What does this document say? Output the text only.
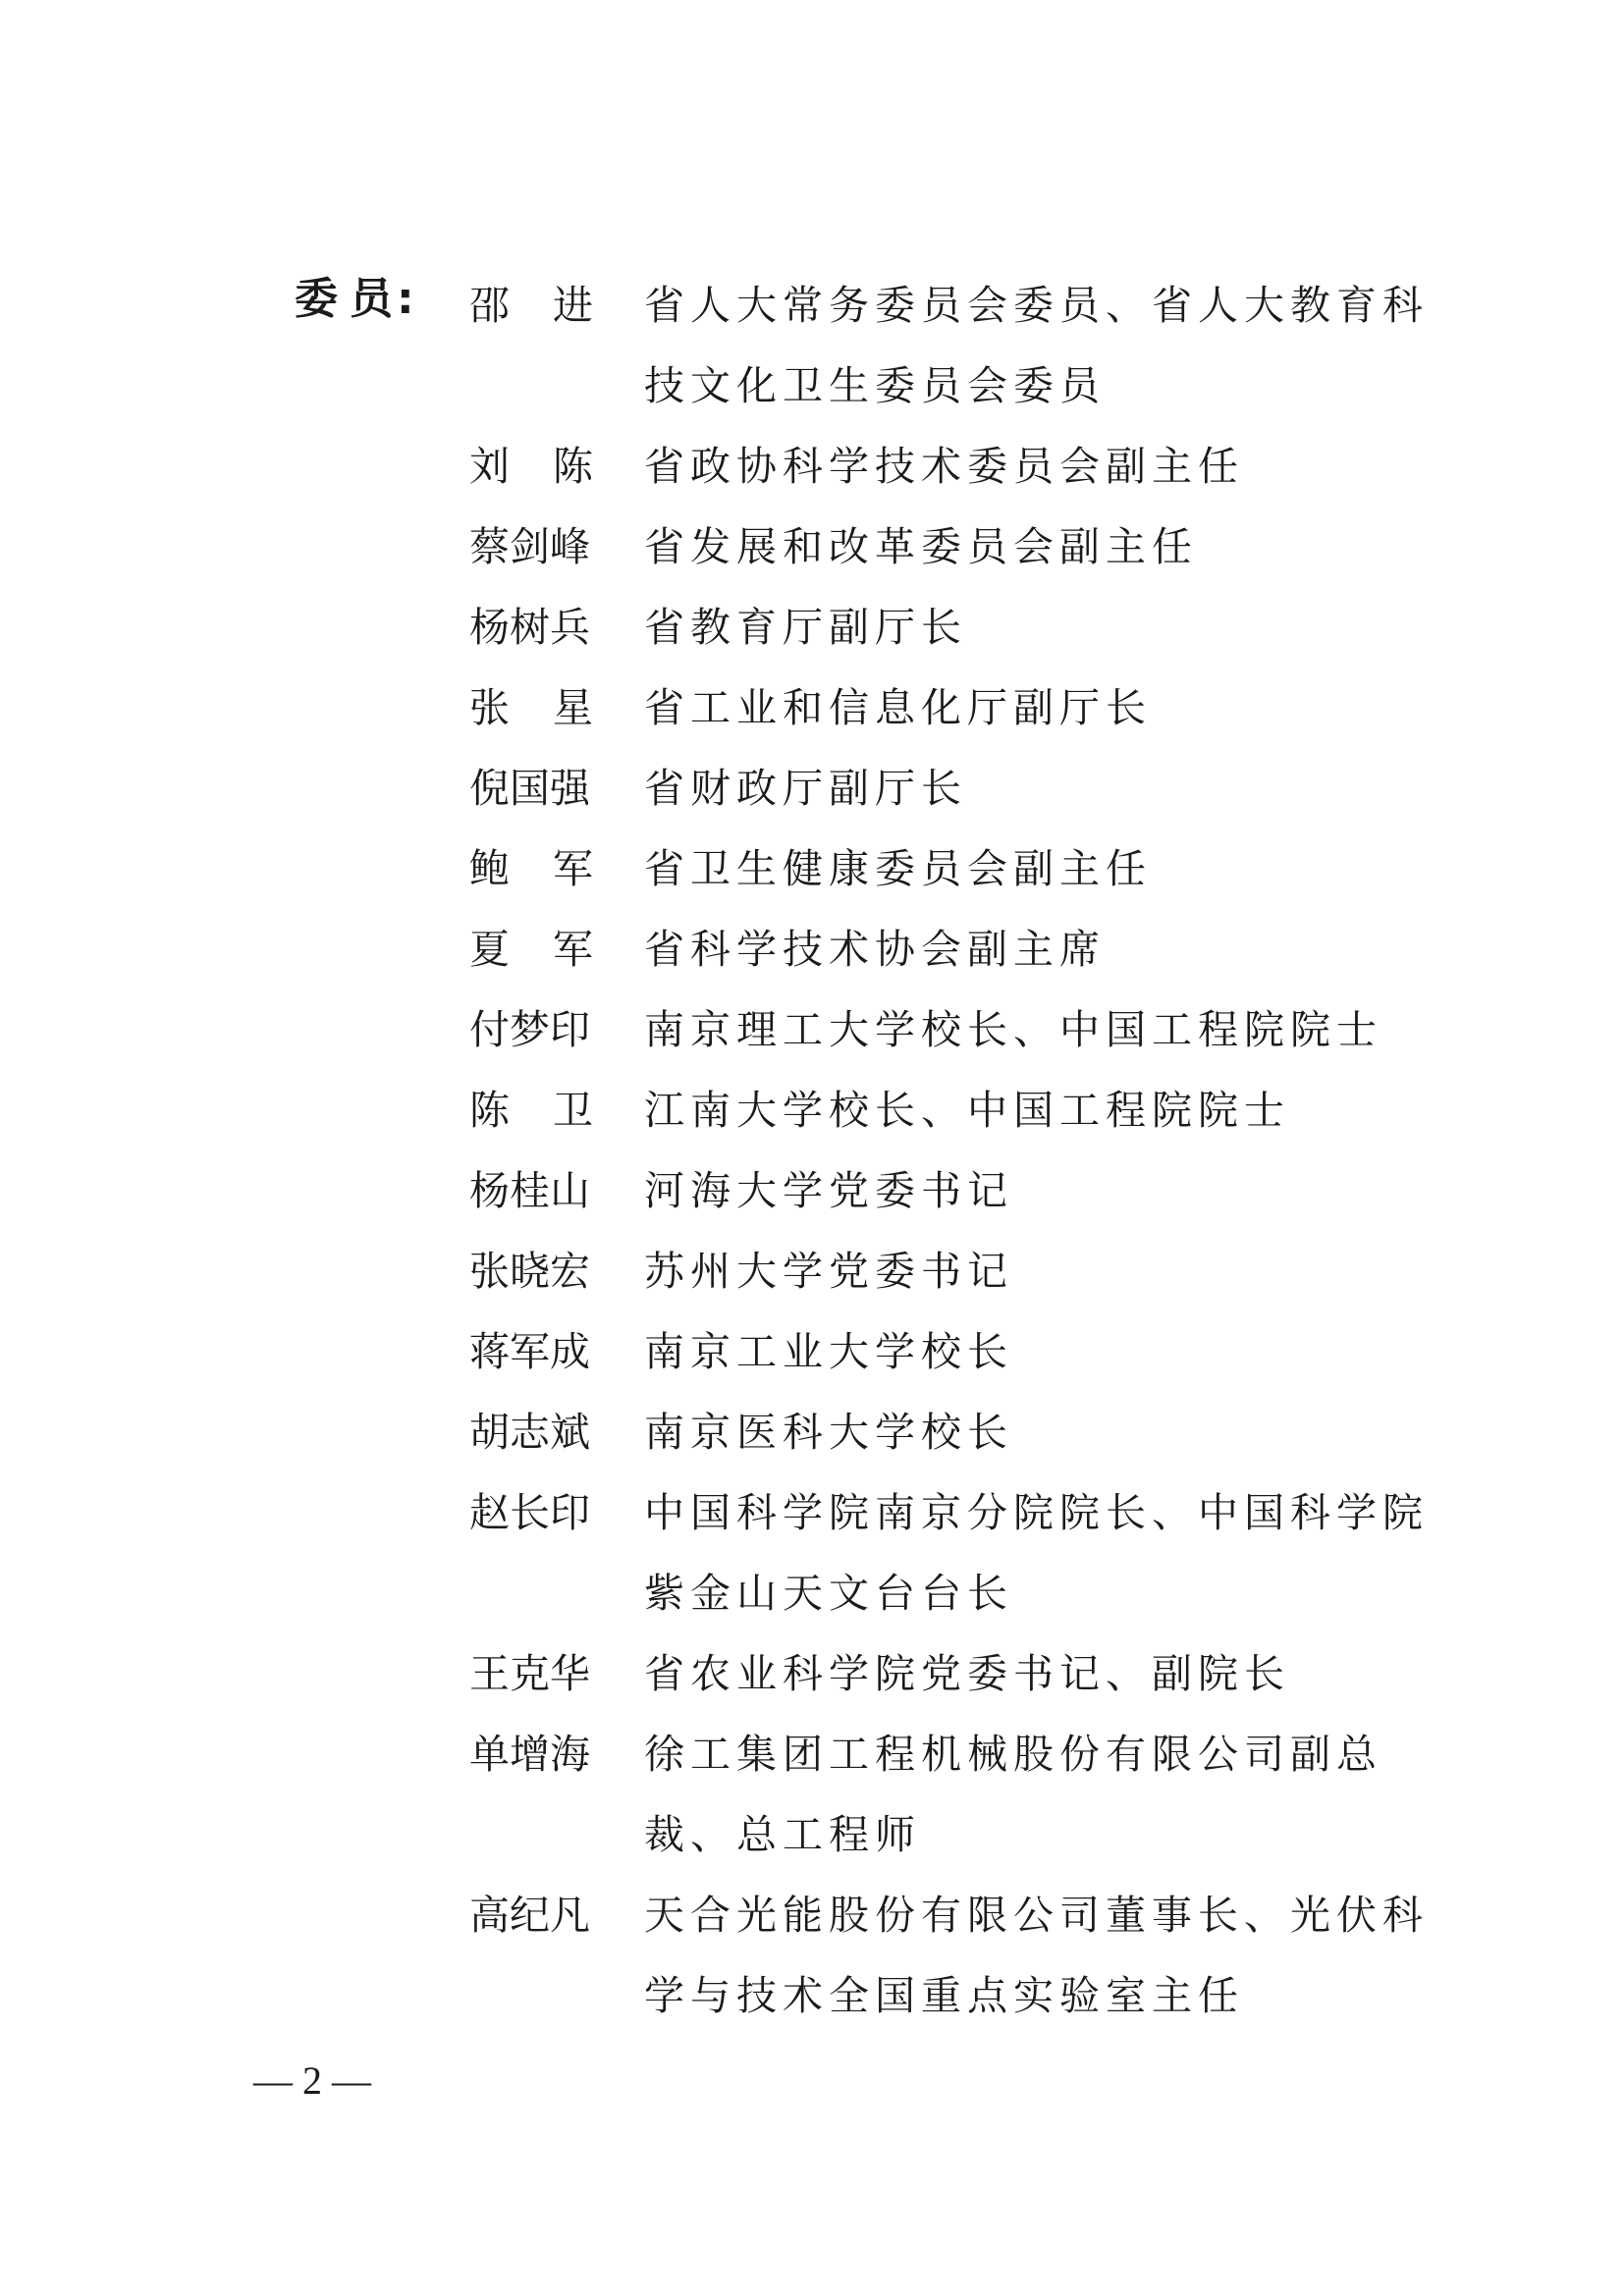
委 员: 邵 进 省人大常务委员会委员、省人大教育科技文化卫生委员会委员
刘 陈 省政协科学技术委员会副主任
蔡剑峰	省发展和改革委员会副主任
杨树兵	省教育厅副厅长
张 星 省工业和信息化厅副厅长
倪国强	省财政厅副厅长
鲍 军 省卫生健康委员会副主任
夏 军 省科学技术协会副主席
付梦印	南京理工大学校长、中国工程院院士
陈 卫 江南大学校长、中国工程院院士
杨桂山	河海大学党委书记
张晓宏	苏州大学党委书记
蒋军成	南京工业大学校长
胡志斌	南京医科大学校长
赵长印	中国科学院南京分院院长、中国科学院紫金山天文台台长
王克华	省农业科学院党委书记、副院长
单增海	徐工集团工程机械股份有限公司副总裁、总工程师
高纪凡	天合光能股份有限公司董事长、光伏科学与技术全国重点实验室主任
— 2 —
